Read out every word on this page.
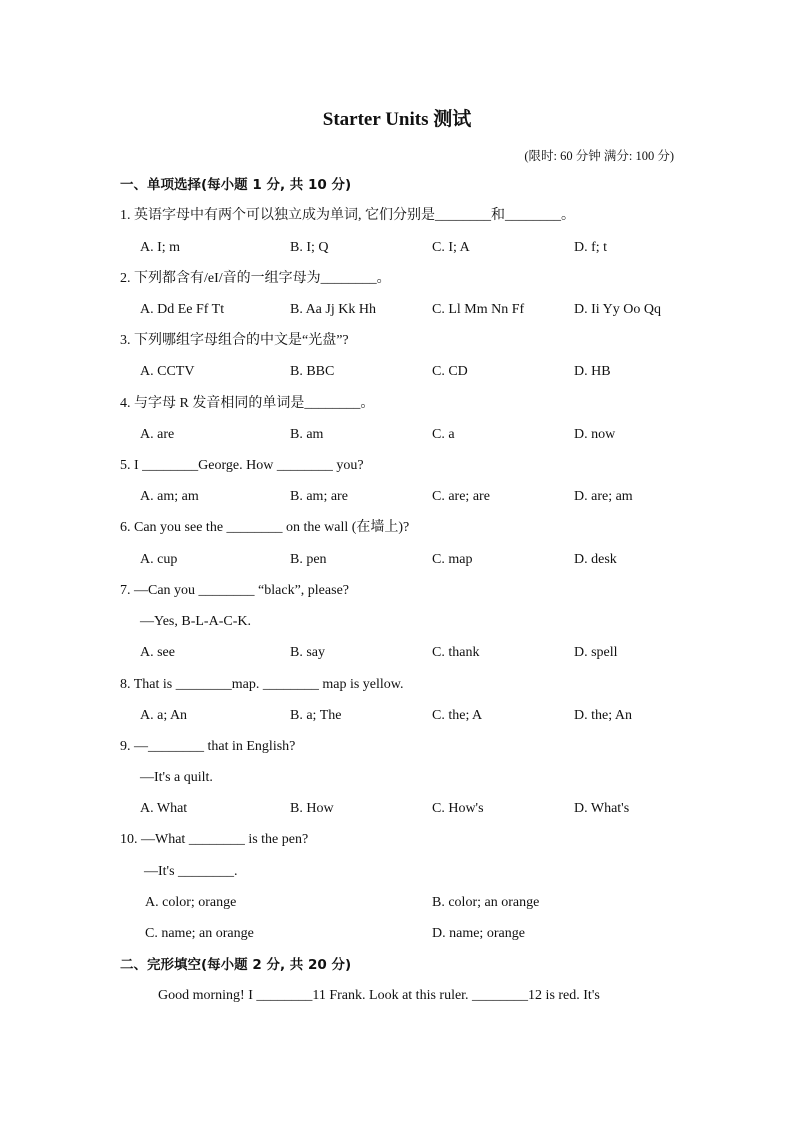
Starter Units 测试
(限时: 60 分钟 满分: 100 分)
一、单项选择(每小题 1 分, 共 10 分)
1. 英语字母中有两个可以独立成为单词, 它们分别是________和________。
A. I; m	B. I; Q	C. I; A	D. f; t
2. 下列都含有/eI/音的一组字母为________。
A. Dd Ee Ff Tt	B. Aa Jj Kk Hh	C. Ll Mm Nn Ff	D. Ii Yy Oo Qq
3. 下列哪组字母组合的中文是“光盘”?
A. CCTV	B. BBC	C. CD	D. HB
4. 与字母 R 发音相同的单词是________。
A. are	B. am	C. a	D. now
5. I ________George. How ________ you?
A. am; am	B. am; are	C. are; are	D. are; am
6. Can you see the ________ on the wall (在墙上)?
A. cup	B. pen	C. map	D. desk
7. —Can you ________ “black”, please?
—Yes, B-L-A-C-K.
A. see	B. say	C. thank	D. spell
8. That is ________map. ________ map is yellow.
A. a; An	B. a; The	C. the; A	D. the; An
9. —________ that in English?
—It's a quilt.
A. What	B. How	C. How's	D. What's
10. —What ________ is the pen?
—It's ________.
A. color; orange	B. color; an orange
C. name; an orange	D. name; orange
二、完形填空(每小题 2 分, 共 20 分)
Good morning! I ________11 Frank. Look at this ruler. ________12 is red. It's
